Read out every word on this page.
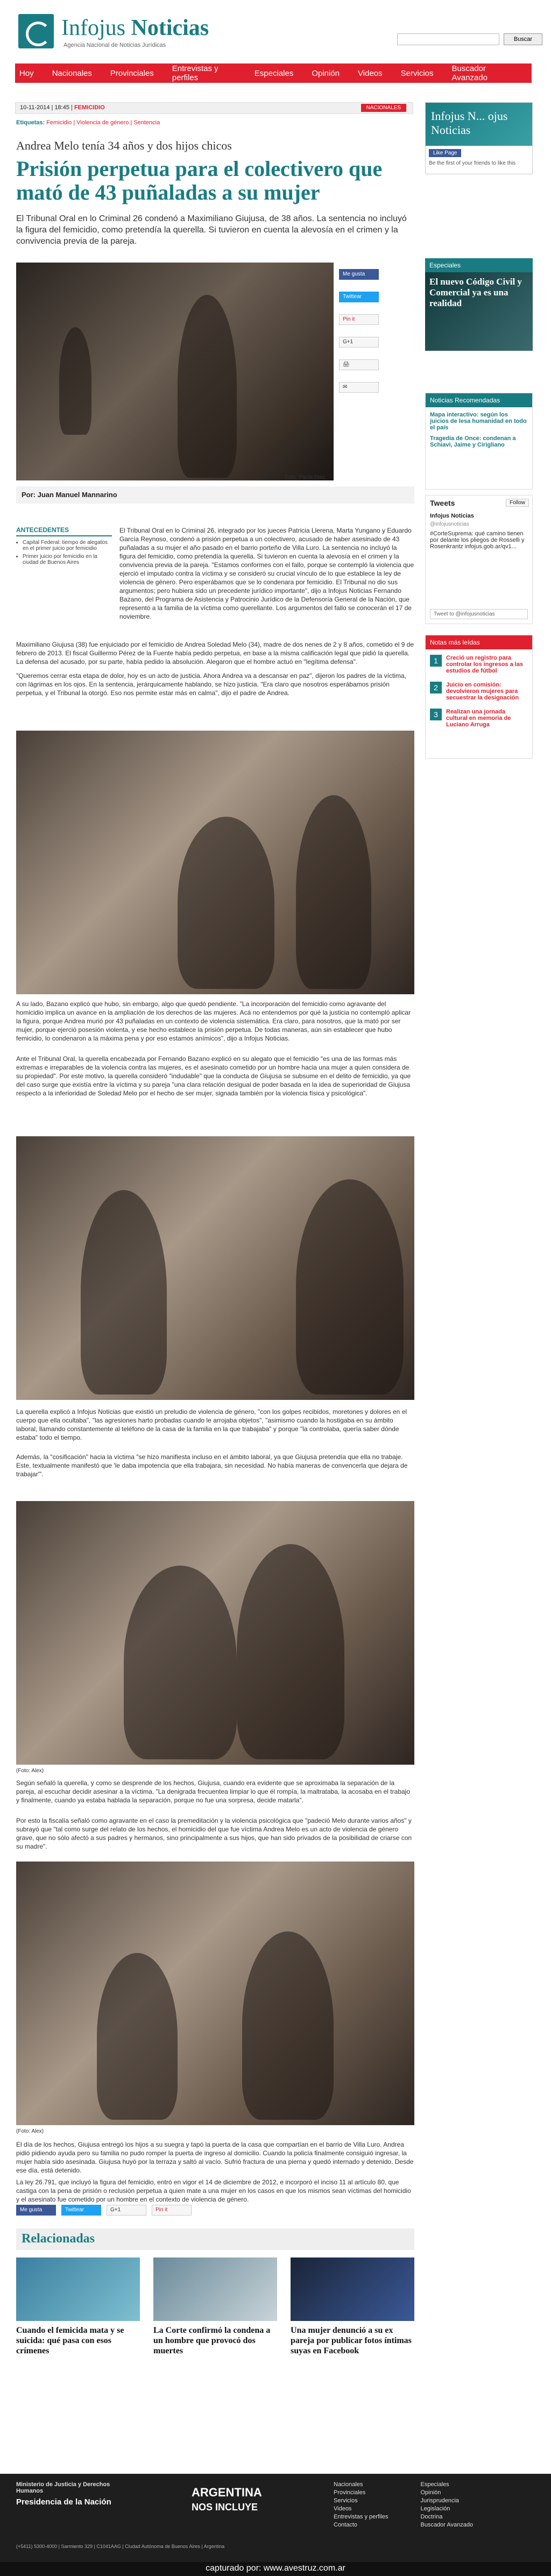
Infojus Noticias
Agencia Nacional de Noticias Jurídicas
Buscar
Hoy Nacionales Provinciales Entrevistas y perfiles	Especiales Opinión Videos Servicios Buscador Avanzado
10-11-2014 | 18:45 | FEMICIDIO	NACIONALES
Etiquetas: Femicidio | Violencia de género | Sentencia
Andrea Melo tenía 34 años y dos hijos chicos
Prisión perpetua para el colectivero que mató de 43 puñaladas a su mujer

El Tribunal Oral en lo Criminal 26 condenó a Maximiliano Giujusa, de 38 años. La sentencia no incluyó la figura del femicidio, como pretendía la querella. Si tuvieron en cuenta la alevosía en el crimen y la convivencia previa de la pareja.

Foto: Paula Díaz
Me gusta
Twittear
Pin it
G+1
🖨
✉
Por: Juan Manuel Mannarino
ANTECEDENTES
• Capital Federal: tiempo de alegatos en el primer juicio por femicidio
• Primer juicio por femicidio en la ciudad de Buenos Aires

El Tribunal Oral en lo Criminal 26, integrado por los jueces Patricia Llerena, Marta Yungano y Eduardo García Reynoso, condenó a prisión perpetua a un colectivero, acusado de haber asesinado de 43 puñaladas a su mujer el año pasado en el barrio porteño de Villa Luro. La sentencia no incluyó la figura del femicidio, como pretendía la querella. Si tuvieron en cuenta la alevosía en el crimen y la convivencia previa de la pareja. "Estamos conformes con el fallo, porque se contempló la violencia que ejerció el imputado contra la víctima y se consideró su crucial vínculo de lo que establece la ley de violencia de género. Pero esperábamos que se lo condenara por femicidio. El Tribunal no dio sus argumentos; pero hubiera sido un precedente jurídico importante", dijo a Infojus Noticias Fernando Bazano, del Programa de Asistencia y Patrocinio Jurídico de la Defensoría General de la Nación, que representó a la familia de la víctima como querellante. Los argumentos del fallo se conocerán el 17 de noviembre.

Maximiliano Giujusa (38) fue enjuiciado por el femicidio de Andrea Soledad Melo (34), madre de dos nenes de 2 y 8 años, cometido el 9 de febrero de 2013. El fiscal Guillermo Pérez de la Fuente había pedido perpetua, en base a la misma calificación legal que pidió la querella. La defensa del acusado, por su parte, había pedido la absolución. Alegaron que el hombre actuó en "legítima defensa".

"Queremos cerrar esta etapa de dolor, hoy es un acto de justicia. Ahora Andrea va a descansar en paz", dijeron los padres de la víctima, con lágrimas en los ojos. En la sentencia, jerárquicamente hablando, se hizo justicia. "Era claro que nosotros esperábamos prisión perpetua, y el Tribunal la otorgó. Eso nos permite estar más en calma", dijo el padre de Andrea.

A su lado, Bazano explicó que hubo, sin embargo, algo que quedó pendiente. "La incorporación del femicidio como agravante del homicidio implica un avance en la ampliación de los derechos de las mujeres. Acá no entendemos por qué la justicia no contempló aplicar la figura, porque Andrea murió por 43 puñaladas en un contexto de violencia sistemática. Era claro, para nosotros, que la mató por ser mujer, porque ejerció posesión violenta, y ese hecho establece la prisión perpetua. De todas maneras, aún sin establecer que hubo femicidio, lo condenaron a la máxima pena y por eso estamos anímicos", dijo a Infojus Noticias.

Ante el Tribunal Oral, la querella encabezada por Fernando Bazano explicó en su alegato que el femicidio "es una de las formas más extremas e irreparables de la violencia contra las mujeres, es el asesinato cometido por un hombre hacia una mujer a quien considera de su propiedad". Por este motivo, la querella consideró "indudable" que la conducta de Giujusa se subsume en el delito de femicidio, ya que del caso surge que existía entre la víctima y su pareja "una clara relación desigual de poder basada en la idea de superioridad de Giujusa respecto a la inferioridad de Soledad Melo por el hecho de ser mujer, signada también por la violencia física y psicológica".

La querella explicó a Infojus Noticias que existió un preludio de violencia de género, "con los golpes recibidos, moretones y dolores en el cuerpo que ella ocultaba", "las agresiones harto probadas cuando le arrojaba objetos", "asimismo cuando la hostigaba en su ámbito laboral, llamando constantemente al teléfono de la casa de la familia en la que trabajaba" y porque "la controlaba, quería saber dónde estaba" todo el tiempo.

Además, la "cosificación" hacia la víctima "se hizo manifiesta incluso en el ámbito laboral, ya que Giujusa pretendía que ella no trabaje. Este, textualmente manifestó que 'le daba impotencia que ella trabajara, sin necesidad. No había maneras de convencerla que dejara de trabajar'".

(Foto: Alex)

Según señaló la querella, y como se desprende de los hechos, Giujusa, cuando era evidente que se aproximaba la separación de la pareja, al escuchar decidir asesinar a la víctima. "La denigrada frecuentea limpiar lo que él rompía, la maltrataba, la acosaba en el trabajo y finalmente, cuando ya estaba hablada la separación, porque no fue una sorpresa, decide matarla".

Por esto la fiscalía señaló como agravante en el caso la premeditación y la violencia psicológica que "padeció Melo durante varios años" y subrayó que "tal como surge del relato de los hechos, el homicidio del que fue víctima Andrea Melo es un acto de violencia de género grave, que no sólo afectó a sus padres y hermanos, sino principalmente a sus hijos, que han sido privados de la posibilidad de criarse con su madre".

(Foto: Alex)

El día de los hechos, Giujusa entregó los hijos a su suegra y tapó la puerta de la casa que compartían en el barrio de Villa Luro. Andrea pidió pidiendo ayuda pero su familia no pudo romper la puerta de ingreso al domicilio. Cuando la policía finalmente consiguió ingresar, la mujer había sido asesinada. Giujusa huyó por la terraza y saltó al vacío. Sufrió fractura de una pierna y quedó internado y detenido. Desde ese día, está detenido.

La ley 26.791, que incluyó la figura del femicidio, entró en vigor el 14 de diciembre de 2012, e incorporó el inciso 11 al artículo 80, que castiga con la pena de prisión o reclusión perpetua a quien mate a una mujer en los casos en que los mismos sean víctimas del homicidio y el asesinato fue cometido por un hombre en el contexto de violencia de género.

Me gusta	Twittear	G+1	Pin it
Relacionadas
Cuando el femicida mata y se suicida: qué pasa con esos crímenes
La Corte confirmó la condena a un hombre que provocó dos muertes
Una mujer denunció a su ex pareja por publicar fotos íntimas suyas en Facebook
Infojus N... ojus Noticias
Like Page
Be the first of your friends to like this
Especiales
El nuevo Código Civil y Comercial ya es una realidad
Noticias Recomendadas
Mapa interactivo: según los juicios de lesa humanidad en todo el país
Tragedia de Once: condenan a Schiavi, Jaime y Cirigliano
Tweets	Follow
Infojus Noticias
@infojusnoticias
#CorteSuprema: qué camino tienen por delante los pliegos de Rosselli y Rosenkrantz infojus.gob.ar/qv1...
Tweet to @infojusnoticias
Notas más leídas
1	Creció un registro para controlar los ingresos a las estudios de fútbol
2	Juicio en comisión: devolvieron mujeres para secuestrar la designación
3	Realizan una jornada cultural en memoria de Luciano Arruga
Ministerio de Justicia y Derechos Humanos
Presidencia de la Nación
ARGENTINA
NOS INCLUYE
Nacionales
Provinciales
Servicios
Videos
Entrevistas y perfiles
Contacto
Especiales
Opinión
Jurisprudencia
Legislación
Doctrina
Buscador Avanzado
(+5411) 5300-4000 | Sarmiento 329 | C1041AAG | Ciudad Autónoma de Buenos Aires | Argentina
capturado por: www.avestruz.com.ar
